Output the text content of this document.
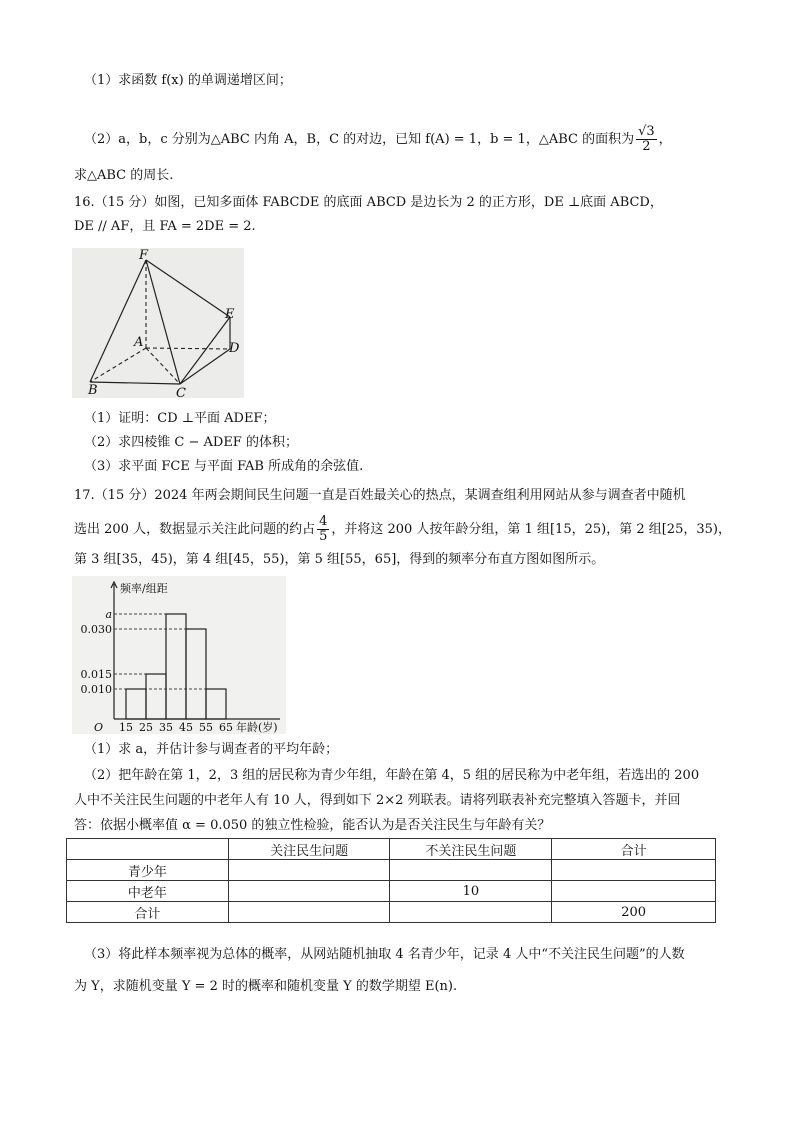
（1）求函数 f(x) 的单调递增区间；
（2）a，b，c 分别为△ABC 内角 A，B，C 的对边，已知 f(A) = 1，b = 1，△ABC 的面积为 $\frac{√3}{2}$ ，
求△ABC 的周长.
16.（15 分）如图，已知多面体 FABCDE 的底面 ABCD 是边长为 2 的正方形，DE ⊥底面 ABCD，
DE // AF，且 FA = 2DE = 2.
F
E
A	D
B	C
（1）证明：CD ⊥平面 ADEF；
（2）求四棱锥 C − ADEF 的体积；
（3）求平面 FCE 与平面 FAB 所成角的余弦值.
17.（15 分）2024 年两会期间民生问题一直是百姓最关心的热点，某调查组利用网站从参与调查者中随机
选出 200 人，数据显示关注此问题的约占 $\frac{4}{5}$ ，并将这 200 人按年龄分组，第 1 组[15，25)，第 2 组[25，35)，
第 3 组[35，45)，第 4 组[45，55)，第 5 组[55，65]，得到的频率分布直方图如图所示。
频率/组距
O
a
0.030
0.015
0.010
15 25 35 45 55 65 年龄(岁)
（1）求 a，并估计参与调查者的平均年龄；
（2）把年龄在第 1，2，3 组的居民称为青少年组，年龄在第 4，5 组的居民称为中老年组，若选出的 200
人中不关注民生问题的中老年人有 10 人，得到如下 2×2 列联表。请将列联表补充完整填入答题卡，并回
答：依据小概率值 α = 0.050 的独立性检验，能否认为是否关注民生与年龄有关？
	关注民生问题	不关注民生问题	合计
青少年			
中老年		10	
合计			200
（3）将此样本频率视为总体的概率，从网站随机抽取 4 名青少年，记录 4 人中“不关注民生问题”的人数
为 Y，求随机变量 Y = 2 时的概率和随机变量 Y 的数学期望 E(n).
